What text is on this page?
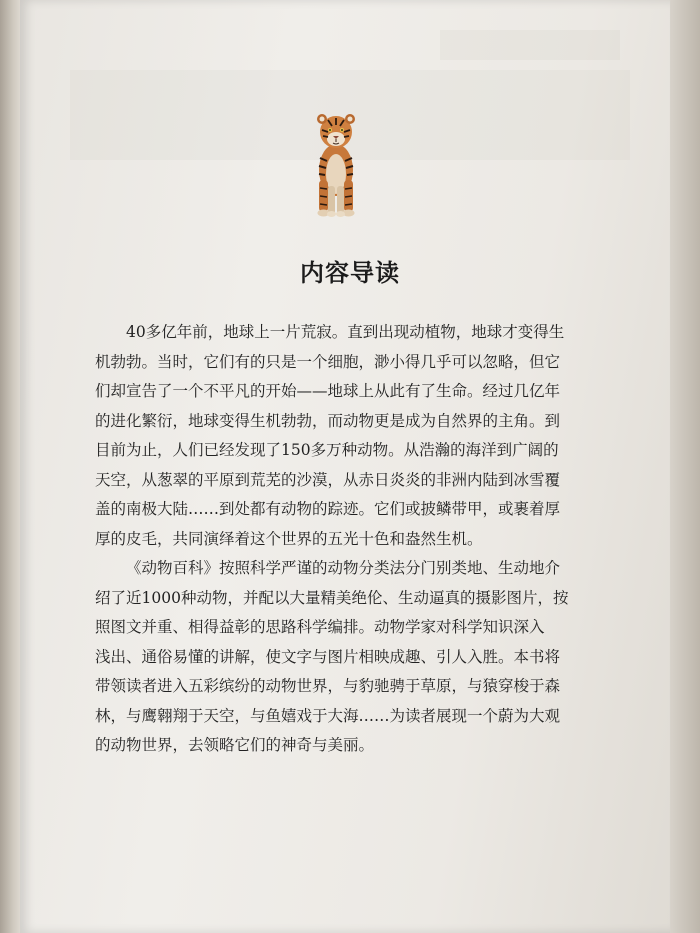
内容导读
40多亿年前，地球上一片荒寂。直到出现动植物，地球才变得生
机勃勃。当时，它们有的只是一个细胞，渺小得几乎可以忽略，但它
们却宣告了一个不平凡的开始——地球上从此有了生命。经过几亿年
的进化繁衍，地球变得生机勃勃，而动物更是成为自然界的主角。到
目前为止，人们已经发现了150多万种动物。从浩瀚的海洋到广阔的
天空，从葱翠的平原到荒芜的沙漠，从赤日炎炎的非洲内陆到冰雪覆
盖的南极大陆……到处都有动物的踪迹。它们或披鳞带甲，或裹着厚
厚的皮毛，共同演绎着这个世界的五光十色和盎然生机。
《动物百科》按照科学严谨的动物分类法分门别类地、生动地介
绍了近1000种动物，并配以大量精美绝伦、生动逼真的摄影图片，按
照图文并重、相得益彰的思路科学编排。动物学家对科学知识深入
浅出、通俗易懂的讲解，使文字与图片相映成趣、引人入胜。本书将
带领读者进入五彩缤纷的动物世界，与豹驰骋于草原，与猿穿梭于森
林，与鹰翱翔于天空，与鱼嬉戏于大海……为读者展现一个蔚为大观
的动物世界，去领略它们的神奇与美丽。
